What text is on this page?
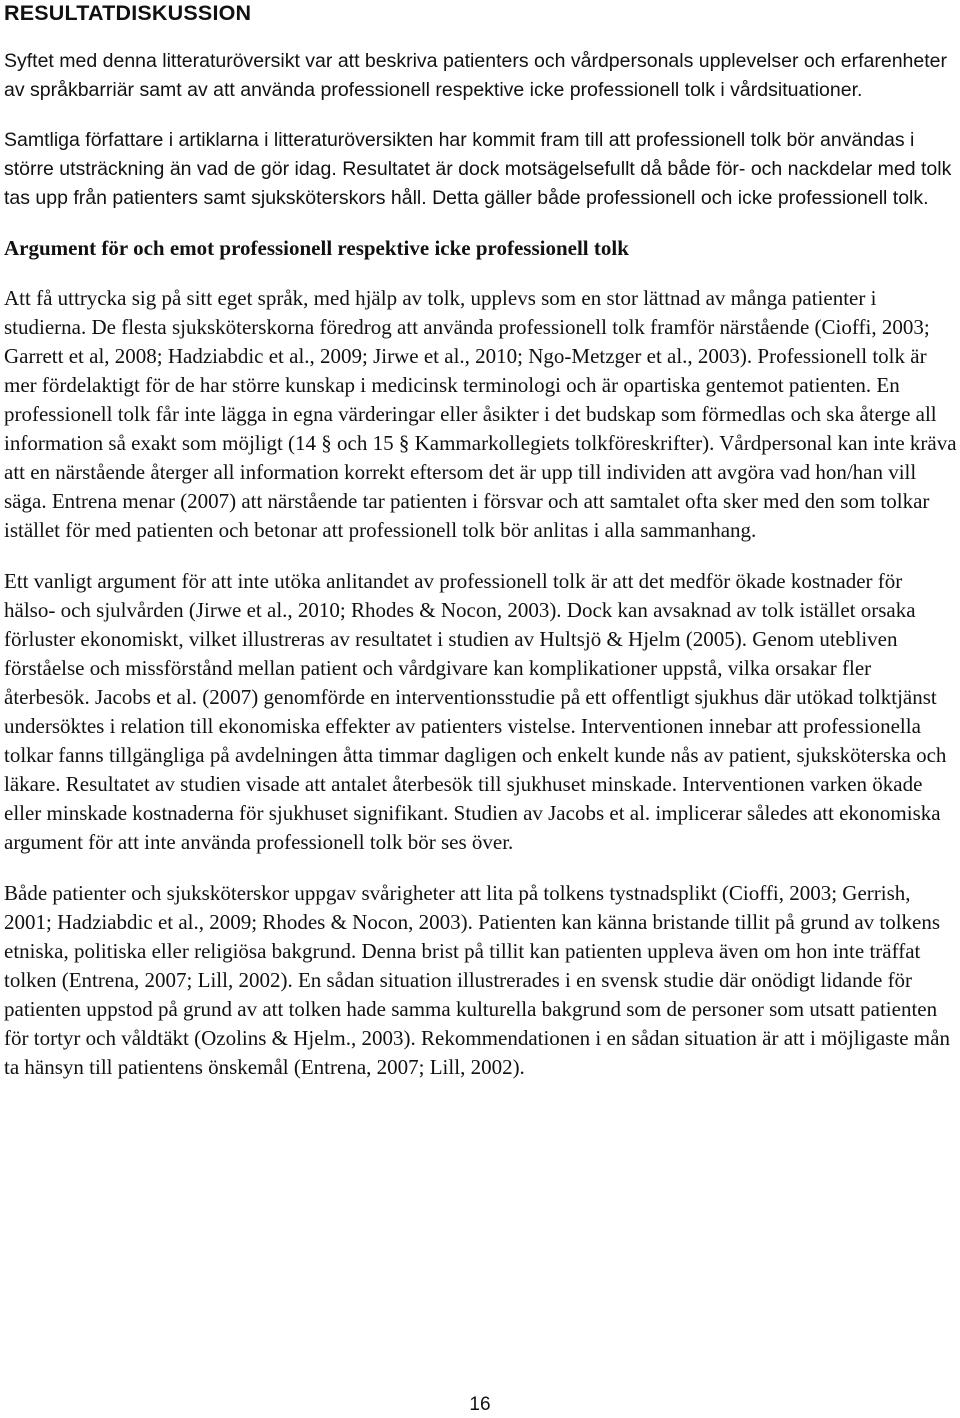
RESULTATDISKUSSION

Syftet med denna litteraturöversikt var att beskriva patienters och vårdpersonals upplevelser och erfarenheter av språkbarriär samt av att använda professionell respektive icke professionell tolk i vårdsituationer.

Samtliga författare i artiklarna i litteraturöversikten har kommit fram till att professionell tolk bör användas i större utsträckning än vad de gör idag. Resultatet är dock motsägelsefullt då både för- och nackdelar med tolk tas upp från patienters samt sjuksköterskors håll. Detta gäller både professionell och icke professionell tolk.

Argument för och emot professionell respektive icke professionell tolk

Att få uttrycka sig på sitt eget språk, med hjälp av tolk, upplevs som en stor lättnad av många patienter i studierna. De flesta sjuksköterskorna föredrog att använda professionell tolk framför närstående (Cioffi, 2003; Garrett et al, 2008; Hadziabdic et al., 2009; Jirwe et al., 2010; Ngo-Metzger et al., 2003). Professionell tolk är mer fördelaktigt för de har större kunskap i medicinsk terminologi och är opartiska gentemot patienten. En professionell tolk får inte lägga in egna värderingar eller åsikter i det budskap som förmedlas och ska återge all information så exakt som möjligt (14 § och 15 § Kammarkollegiets tolkföreskrifter). Vårdpersonal kan inte kräva att en närstående återger all information korrekt eftersom det är upp till individen att avgöra vad hon/han vill säga. Entrena menar (2007) att närstående tar patienten i försvar och att samtalet ofta sker med den som tolkar istället för med patienten och betonar att professionell tolk bör anlitas i alla sammanhang.

Ett vanligt argument för att inte utöka anlitandet av professionell tolk är att det medför ökade kostnader för hälso- och sjulvården (Jirwe et al., 2010; Rhodes & Nocon, 2003). Dock kan avsaknad av tolk istället orsaka förluster ekonomiskt, vilket illustreras av resultatet i studien av Hultsjö & Hjelm (2005). Genom utebliven förståelse och missförstånd mellan patient och vårdgivare kan komplikationer uppstå, vilka orsakar fler återbesök. Jacobs et al. (2007) genomförde en interventionsstudie på ett offentligt sjukhus där utökad tolktjänst undersöktes i relation till ekonomiska effekter av patienters vistelse. Interventionen innebar att professionella tolkar fanns tillgängliga på avdelningen åtta timmar dagligen och enkelt kunde nås av patient, sjuksköterska och läkare. Resultatet av studien visade att antalet återbesök till sjukhuset minskade. Interventionen varken ökade eller minskade kostnaderna för sjukhuset signifikant. Studien av Jacobs et al. implicerar således att ekonomiska argument för att inte använda professionell tolk bör ses över.

Både patienter och sjuksköterskor uppgav svårigheter att lita på tolkens tystnadsplikt (Cioffi, 2003; Gerrish, 2001; Hadziabdic et al., 2009; Rhodes & Nocon, 2003). Patienten kan känna bristande tillit på grund av tolkens etniska, politiska eller religiösa bakgrund. Denna brist på tillit kan patienten uppleva även om hon inte träffat tolken (Entrena, 2007; Lill, 2002). En sådan situation illustrerades i en svensk studie där onödigt lidande för patienten uppstod på grund av att tolken hade samma kulturella bakgrund som de personer som utsatt patienten för tortyr och våldtäkt (Ozolins & Hjelm., 2003). Rekommendationen i en sådan situation är att i möjligaste mån ta hänsyn till patientens önskemål (Entrena, 2007; Lill, 2002).

16
